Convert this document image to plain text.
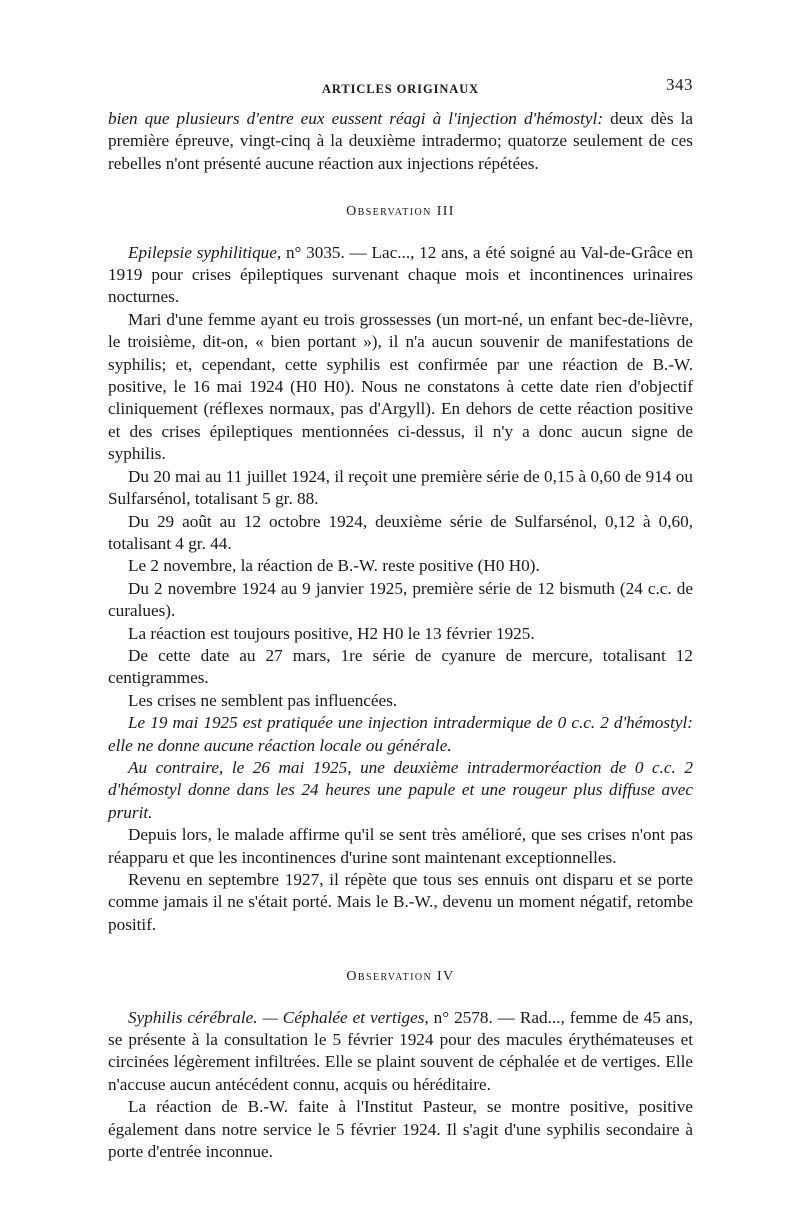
ARTICLES ORIGINAUX	343

bien que plusieurs d'entre eux eussent réagi à l'injection d'hémostyl: deux dès la première épreuve, vingt-cinq à la deuxième intradermo; quatorze seulement de ces rebelles n'ont présenté aucune réaction aux injections répétées.

Observation III

Epilepsie syphilitique, n° 3035. — Lac..., 12 ans, a été soigné au Val-de-Grâce en 1919 pour crises épileptiques survenant chaque mois et incontinences urinaires nocturnes.

Mari d'une femme ayant eu trois grossesses (un mort-né, un enfant bec-de-lièvre, le troisième, dit-on, « bien portant »), il n'a aucun souvenir de manifestations de syphilis; et, cependant, cette syphilis est confirmée par une réaction de B.-W. positive, le 16 mai 1924 (H0 H0). Nous ne constatons à cette date rien d'objectif cliniquement (réflexes normaux, pas d'Argyll). En dehors de cette réaction positive et des crises épileptiques mentionnées ci-dessus, il n'y a donc aucun signe de syphilis.

Du 20 mai au 11 juillet 1924, il reçoit une première série de 0,15 à 0,60 de 914 ou Sulfarsénol, totalisant 5 gr. 88.

Du 29 août au 12 octobre 1924, deuxième série de Sulfarsénol, 0,12 à 0,60, totalisant 4 gr. 44.

Le 2 novembre, la réaction de B.-W. reste positive (H0 H0).

Du 2 novembre 1924 au 9 janvier 1925, première série de 12 bismuth (24 c.c. de curalues).

La réaction est toujours positive, H2 H0 le 13 février 1925.

De cette date au 27 mars, 1re série de cyanure de mercure, totalisant 12 centigrammes.

Les crises ne semblent pas influencées.

Le 19 mai 1925 est pratiquée une injection intradermique de 0 c.c. 2 d'hémostyl: elle ne donne aucune réaction locale ou générale.

Au contraire, le 26 mai 1925, une deuxième intradermoréaction de 0 c.c. 2 d'hémostyl donne dans les 24 heures une papule et une rougeur plus diffuse avec prurit.

Depuis lors, le malade affirme qu'il se sent très amélioré, que ses crises n'ont pas réapparu et que les incontinences d'urine sont maintenant exceptionnelles.

Revenu en septembre 1927, il répète que tous ses ennuis ont disparu et se porte comme jamais il ne s'était porté. Mais le B.-W., devenu un moment négatif, retombe positif.

Observation IV

Syphilis cérébrale. — Céphalée et vertiges, n° 2578. — Rad..., femme de 45 ans, se présente à la consultation le 5 février 1924 pour des macules érythémateuses et circinées légèrement infiltrées. Elle se plaint souvent de céphalée et de vertiges. Elle n'accuse aucun antécédent connu, acquis ou héréditaire.

La réaction de B.-W. faite à l'Institut Pasteur, se montre positive, positive également dans notre service le 5 février 1924. Il s'agit d'une syphilis secondaire à porte d'entrée inconnue.
